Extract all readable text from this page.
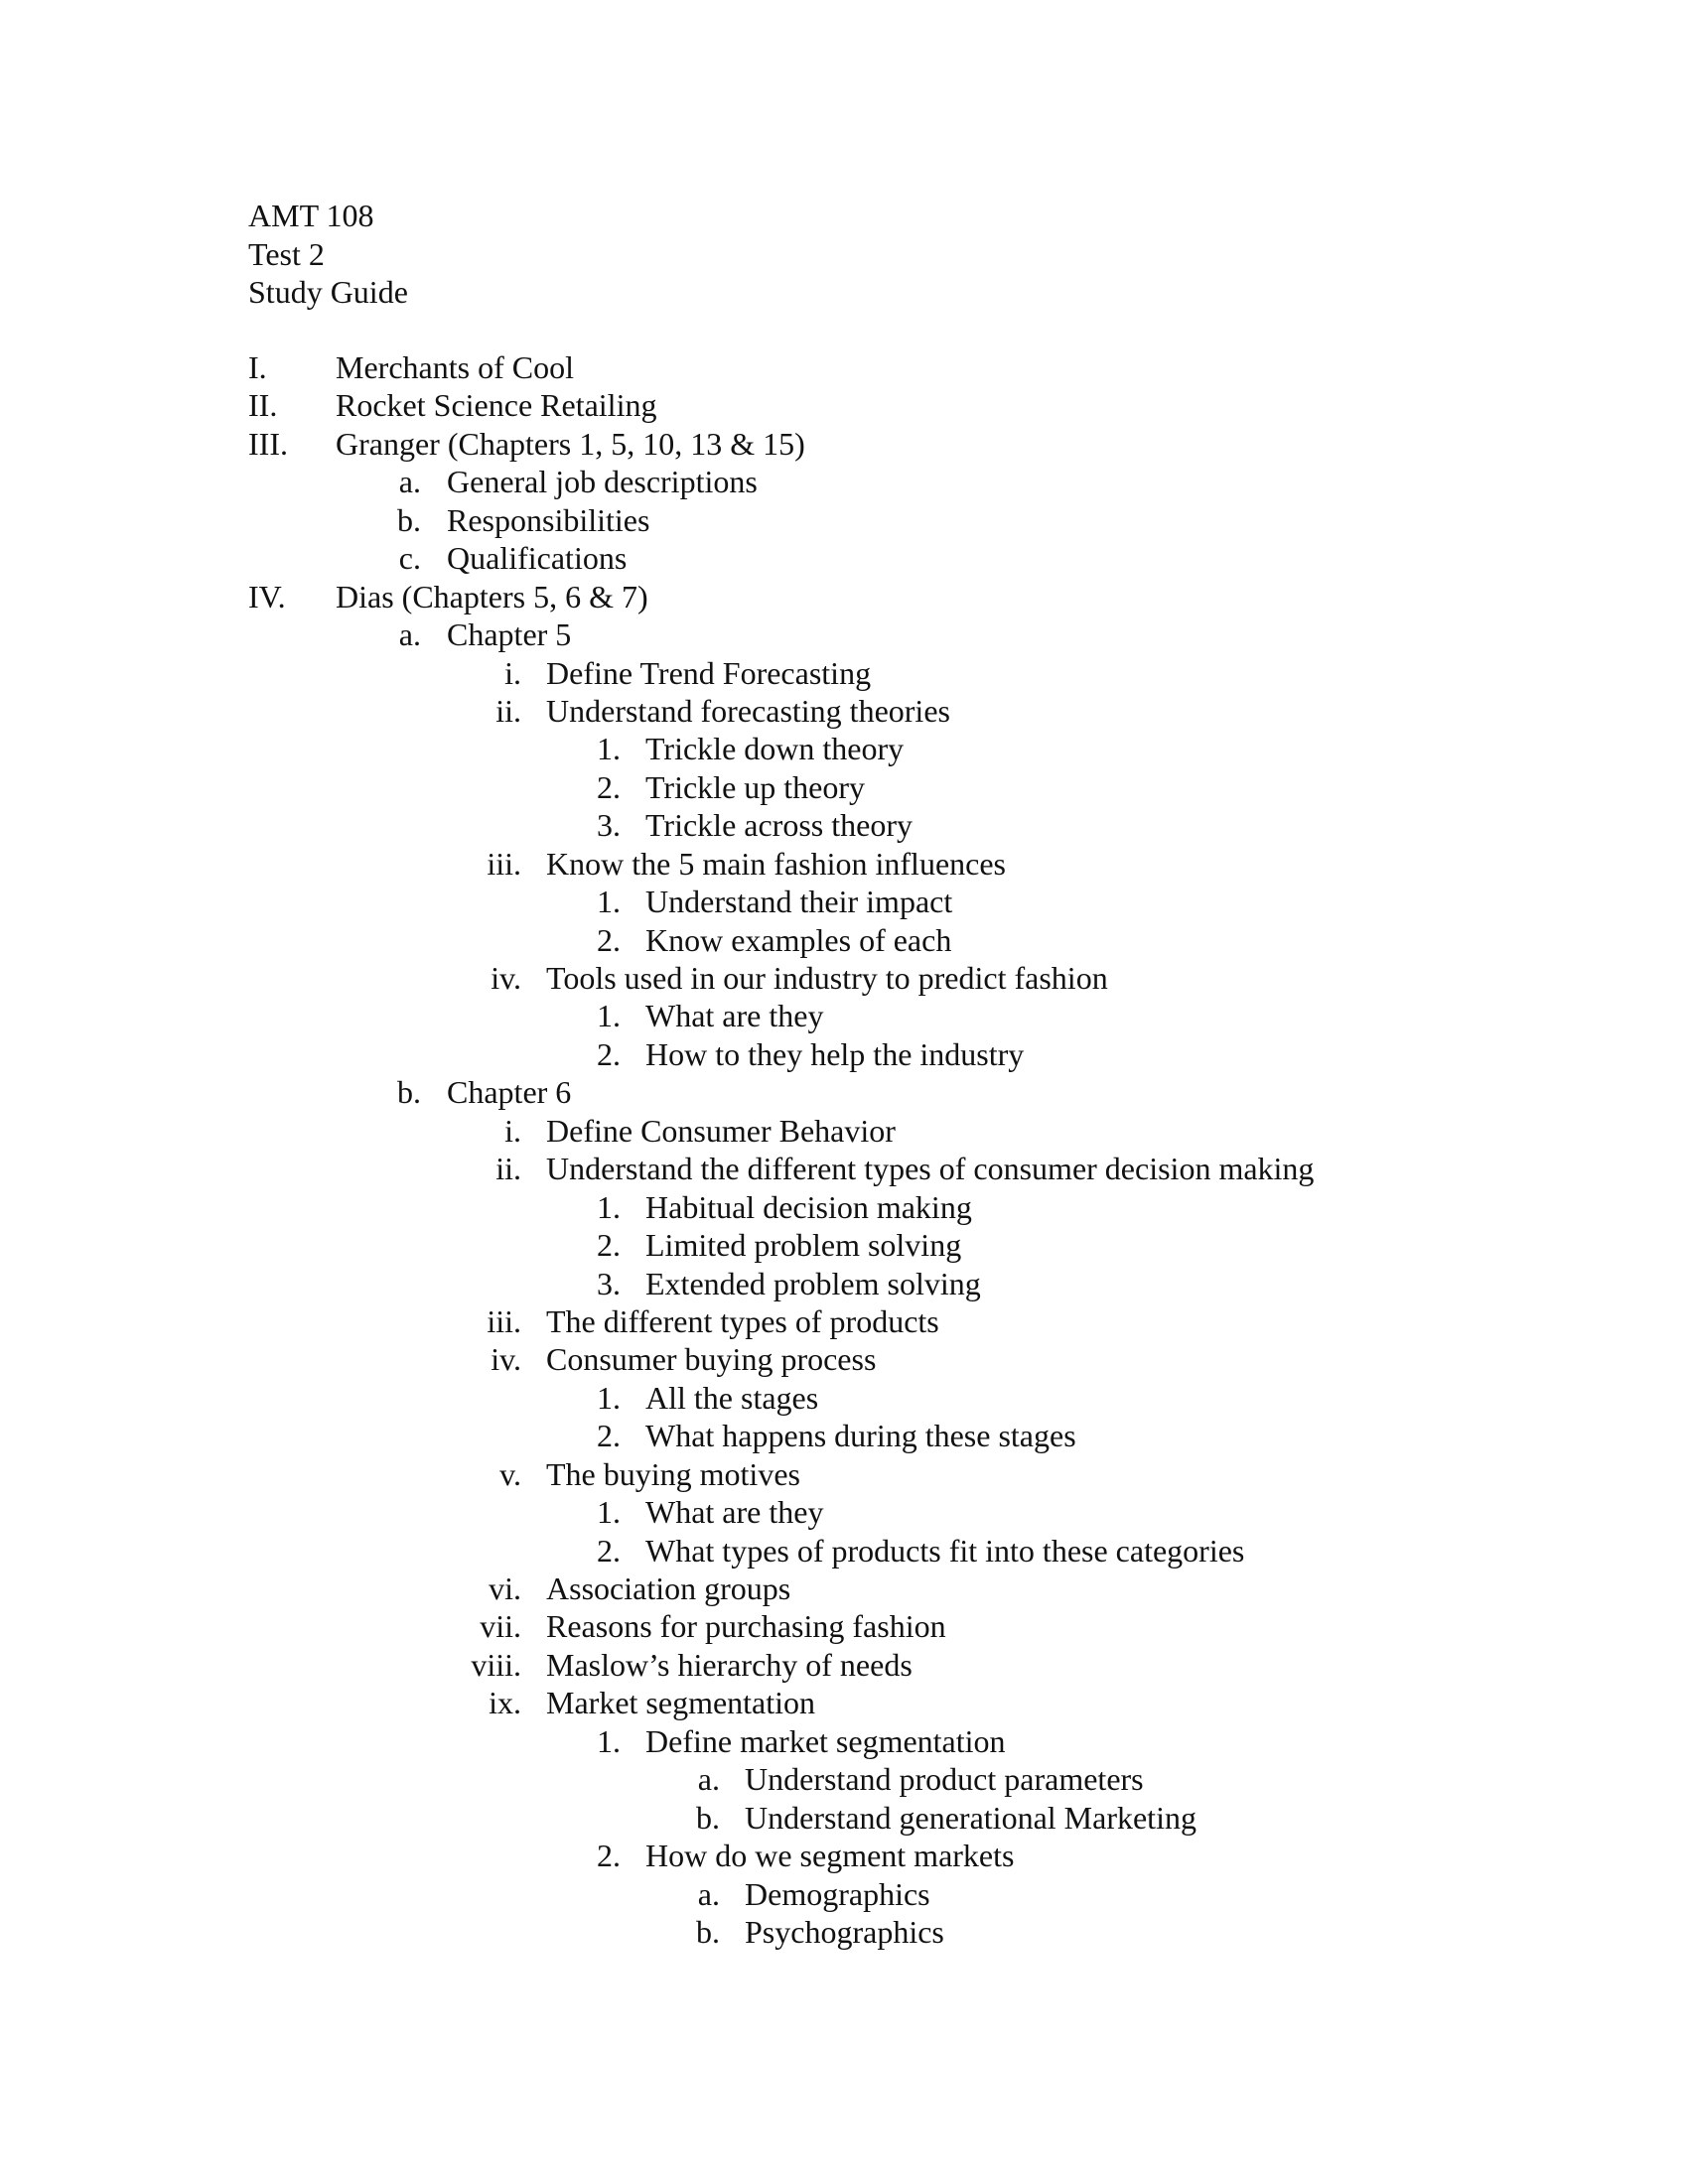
AMT 108
Test 2
Study Guide
I.	Merchants of Cool
II.	Rocket Science Retailing
III.	Granger (Chapters 1, 5, 10, 13 & 15)
a. General job descriptions
b. Responsibilities
c. Qualifications
IV.	Dias (Chapters 5, 6 & 7)
a. Chapter 5
i. Define Trend Forecasting
ii. Understand forecasting theories
1. Trickle down theory
2. Trickle up theory
3. Trickle across theory
iii. Know the 5 main fashion influences
1. Understand their impact
2. Know examples of each
iv. Tools used in our industry to predict fashion
1. What are they
2. How to they help the industry
b. Chapter 6
i. Define Consumer Behavior
ii. Understand the different types of consumer decision making
1. Habitual decision making
2. Limited problem solving
3. Extended problem solving
iii. The different types of products
iv. Consumer buying process
1. All the stages
2. What happens during these stages
v. The buying motives
1. What are they
2. What types of products fit into these categories
vi. Association groups
vii. Reasons for purchasing fashion
viii. Maslow’s hierarchy of needs
ix. Market segmentation
1. Define market segmentation
a. Understand product parameters
b. Understand generational Marketing
2. How do we segment markets
a. Demographics
b. Psychographics
